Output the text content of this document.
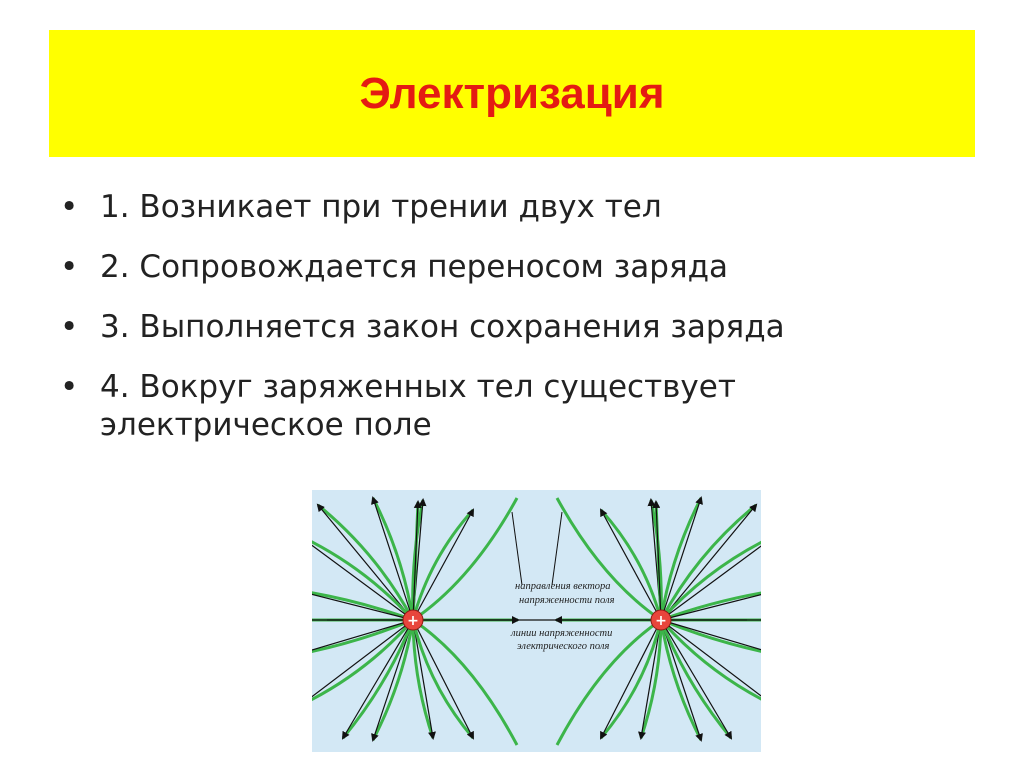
Электризация
• 1. Возникает при трении двух тел
• 2. Сопровождается переносом заряда
• 3. Выполняется закон сохранения заряда
• 4. Вокруг заряженных тел существует электрическое поле
направления вектора
напряженности поля
линии напряженности
электрического поля
+	+
